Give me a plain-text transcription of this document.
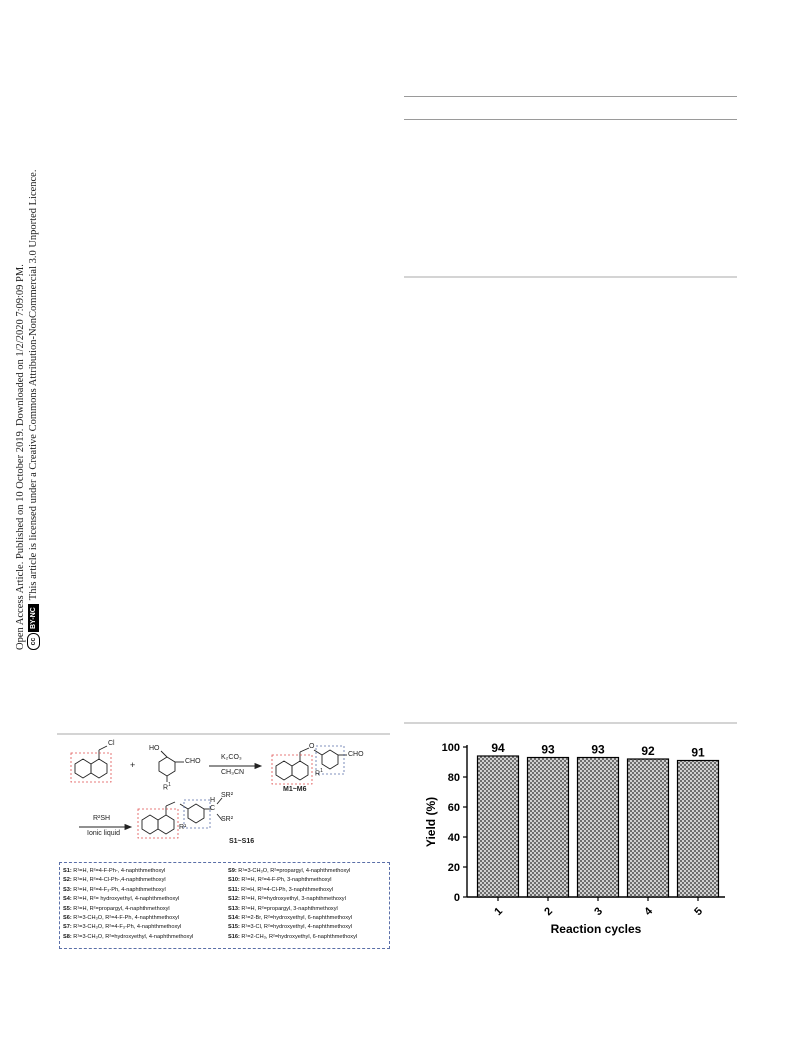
Open Access Article. Published on 10 October 2019. Downloaded on 1/2/2020 7:09:09 PM. cc
BY-NC
This article is licensed under a Creative Commons Attribution-NonCommercial 3.0 Unported Licence.
Cl
+
HO
CHO
$R^1$
K₂CO₃
CH₃CN
O
CHO
$R^1$
M1~M6
R²SH
Ionic liquid
H
C
SR²
SR²
R¹
S1~S16
S1: R¹=H, R²=4-F-Ph-, 4-naphthmethoxyl
S2: R¹=H, R²=4-Cl-Ph-,4-naphthmethoxyl
S3: R¹=H, R²=4-F₃-Ph, 4-naphthmethoxyl
S4: R¹=H, R²= hydroxyethyl, 4-naphthmethoxyl
S5: R¹=H, R²=propargyl, 4-naphthmethoxyl
S6: R¹=3-CH₃O, R²=4-F-Ph, 4-naphthmethoxyl
S7: R¹=3-CH₃O, R²=4-F₃-Ph, 4-naphthmethoxyl
S8: R¹=3-CH₃O, R²=hydroxyethyl, 4-naphthmethoxyl
S9: R¹=3-CH₃O, R²=propargyl, 4-naphthmethoxyl
S10: R¹=H, R²=4-F-Ph, 3-naphthmethoxyl
S11: R¹=H, R²=4-Cl-Ph, 3-naphthmethoxyl
S12: R¹=H, R²=hydroxyethyl, 3-naphthmethoxyl
S13: R¹=H, R²=propargyl, 3-naphthmethoxyl
S14: R¹=2-Br, R²=hydroxyethyl, 6-naphthmethoxyl
S15: R¹=3-Cl, R²=hydroxyethyl, 4-naphthmethoxyl
S16: R¹=2-CH₃, R²=hydroxyethyl, 6-naphthmethoxyl
0
20
40
60
80
100	94
1
93
2
93
3
92
4
91
5
Reaction cycles
Yield (%)
